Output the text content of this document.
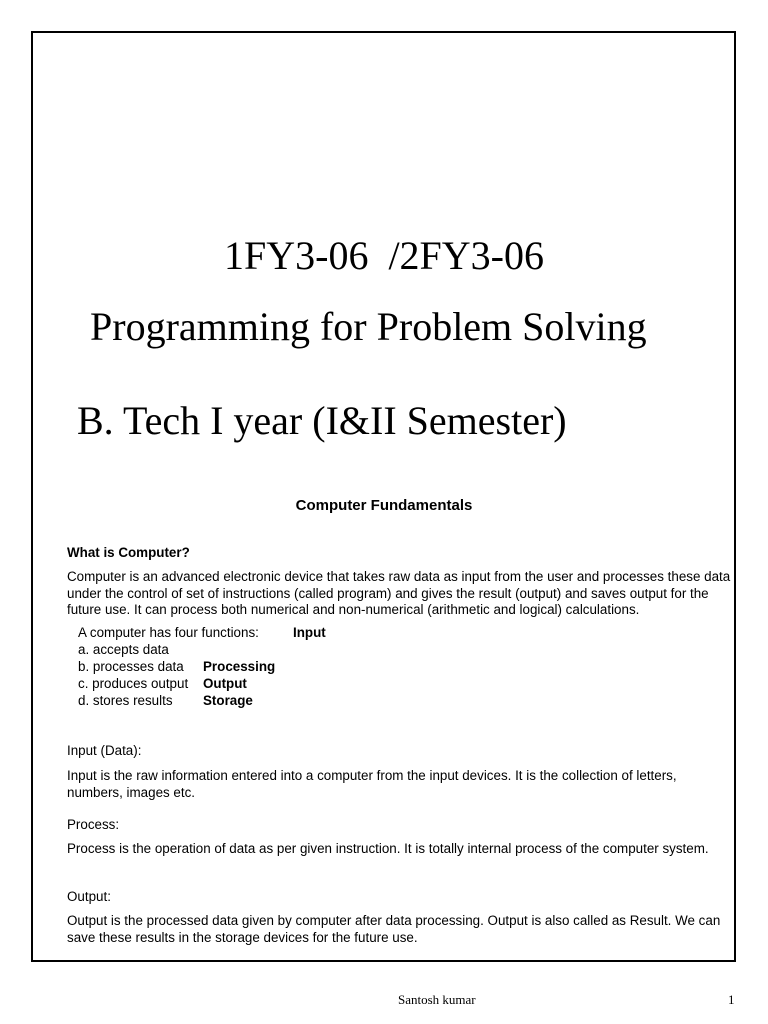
1FY3-06  /2FY3-06
Programming for Problem Solving
B. Tech I year (I&II Semester)
Computer Fundamentals
What is Computer?
Computer is an advanced electronic device that takes raw data as input from the user and processes these data under the control of set of instructions (called program) and gives the result (output) and saves output for the future use. It can process both numerical and non-numerical (arithmetic and logical) calculations.
A computer has four functions:	Input
a. accepts data
b. processes data Processing
c. produces output Output
d. stores results Storage
Input (Data):
Input is the raw information entered into a computer from the input devices. It is the collection of letters, numbers, images etc.
Process:
Process is the operation of data as per given instruction. It is totally internal process of the computer system.
Output:
Output is the processed data given by computer after data processing. Output is also called as Result. We can save these results in the storage devices for the future use.
Santosh kumar	1
